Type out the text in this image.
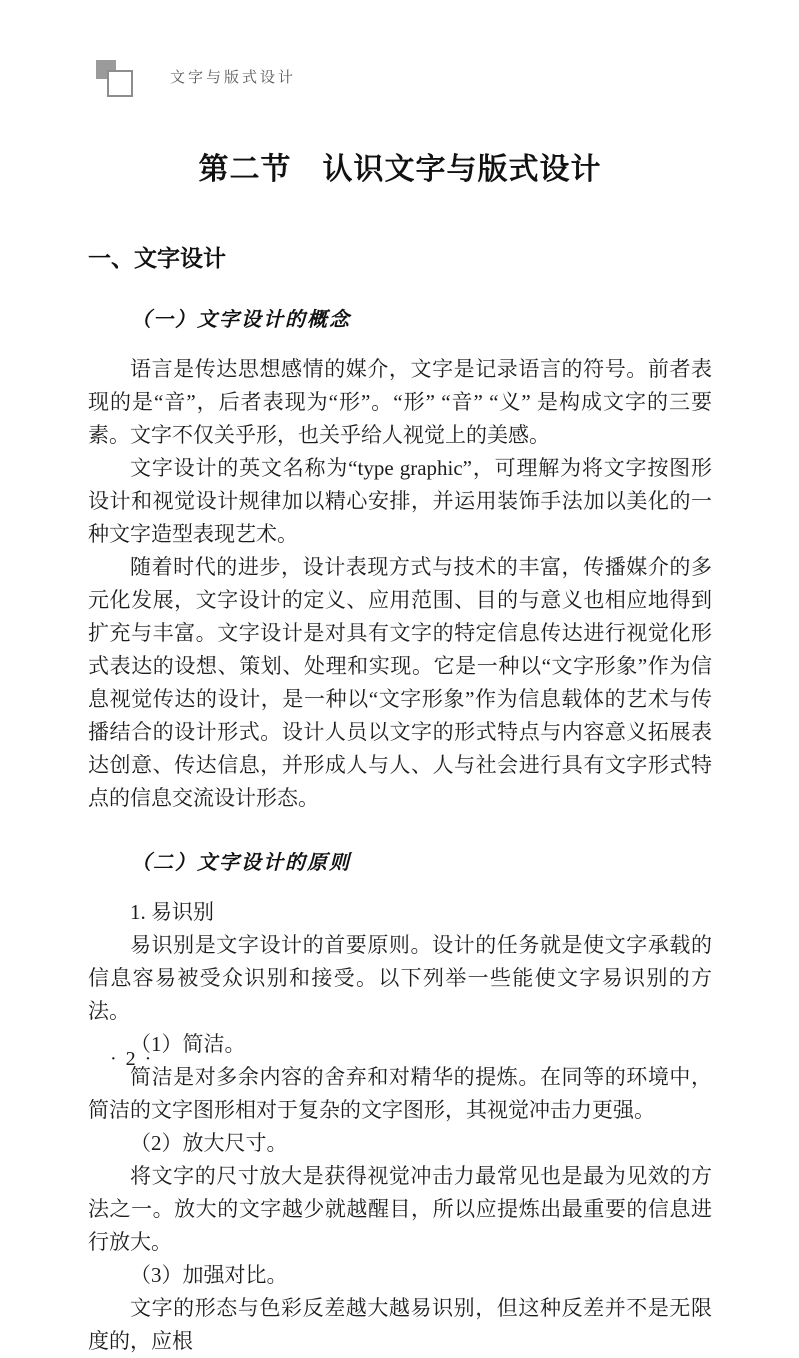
文字与版式设计
第二节　认识文字与版式设计
一、文字设计
（一）文字设计的概念

语言是传达思想感情的媒介，文字是记录语言的符号。前者表现的是“音”，后者表现为“形”。“形” “音” “义” 是构成文字的三要素。文字不仅关乎形，也关乎给人视觉上的美感。

文字设计的英文名称为“type graphic”，可理解为将文字按图形设计和视觉设计规律加以精心安排，并运用装饰手法加以美化的一种文字造型表现艺术。

随着时代的进步，设计表现方式与技术的丰富，传播媒介的多元化发展，文字设计的定义、应用范围、目的与意义也相应地得到扩充与丰富。文字设计是对具有文字的特定信息传达进行视觉化形式表达的设想、策划、处理和实现。它是一种以“文字形象”作为信息视觉传达的设计，是一种以“文字形象”作为信息载体的艺术与传播结合的设计形式。设计人员以文字的形式特点与内容意义拓展表达创意、传达信息，并形成人与人、人与社会进行具有文字形式特点的信息交流设计形态。

（二）文字设计的原则
1. 易识别

易识别是文字设计的首要原则。设计的任务就是使文字承载的信息容易被受众识别和接受。以下列举一些能使文字易识别的方法。

（1）简洁。

简洁是对多余内容的舍弃和对精华的提炼。在同等的环境中，简洁的文字图形相对于复杂的文字图形，其视觉冲击力更强。

（2）放大尺寸。

将文字的尺寸放大是获得视觉冲击力最常见也是最为见效的方法之一。放大的文字越少就越醒目，所以应提炼出最重要的信息进行放大。

（3）加强对比。

文字的形态与色彩反差越大越易识别，但这种反差并不是无限度的，应根

· 2 ·
